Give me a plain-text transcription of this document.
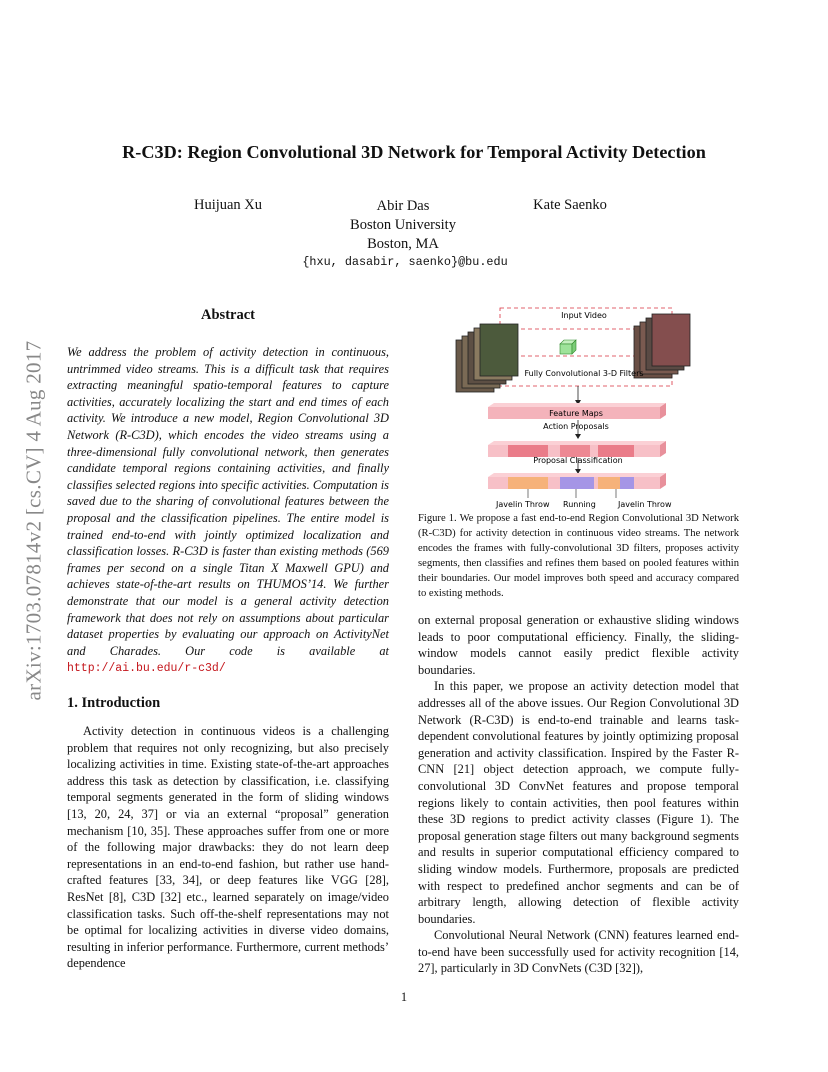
arXiv:1703.07814v2 [cs.CV] 4 Aug 2017
R-C3D: Region Convolutional 3D Network for Temporal Activity Detection
Huijuan Xu	Abir Das
Boston University
Boston, MA
Kate Saenko
{hxu, dasabir, saenko}@bu.edu
Abstract
We address the problem of activity detection in continuous, untrimmed video streams. This is a difficult task that requires extracting meaningful spatio-temporal features to capture activities, accurately localizing the start and end times of each activity. We introduce a new model, Region Convolutional 3D Network (R-C3D), which encodes the video streams using a three-dimensional fully convolutional network, then generates candidate temporal regions containing activities, and finally classifies selected regions into specific activities. Computation is saved due to the sharing of convolutional features between the proposal and the classification pipelines. The entire model is trained end-to-end with jointly optimized localization and classification losses. R-C3D is faster than existing methods (569 frames per second on a single Titan X Maxwell GPU) and achieves state-of-the-art results on THUMOS’14. We further demonstrate that our model is a general activity detection framework that does not rely on assumptions about particular dataset properties by evaluating our approach on ActivityNet and Charades. Our code is available at http://ai.bu.edu/r-c3d/
1. Introduction

Activity detection in continuous videos is a challenging problem that requires not only recognizing, but also precisely localizing activities in time. Existing state-of-the-art approaches address this task as detection by classification, i.e. classifying temporal segments generated in the form of sliding windows [13, 20, 24, 37] or via an external “proposal” generation mechanism [10, 35]. These approaches suffer from one or more of the following major drawbacks: they do not learn deep representations in an end-to-end fashion, but rather use hand-crafted features [33, 34], or deep features like VGG [28], ResNet [8], C3D [32] etc., learned separately on image/video classification tasks. Such off-the-shelf representations may not be optimal for localizing activities in diverse video domains, resulting in inferior performance. Furthermore, current methods’ dependence

Input Video
Fully Convolutional 3-D Filters
Feature Maps
Action Proposals
Proposal Classification
Javelin Throw Running	Javelin Throw
Figure 1. We propose a fast end-to-end Region Convolutional 3D Network (R-C3D) for activity detection in continuous video streams. The network encodes the frames with fully-convolutional 3D filters, proposes activity segments, then classifies and refines them based on pooled features within their boundaries. Our model improves both speed and accuracy compared to existing methods.

on external proposal generation or exhaustive sliding windows leads to poor computational efficiency. Finally, the sliding-window models cannot easily predict flexible activity boundaries.

In this paper, we propose an activity detection model that addresses all of the above issues. Our Region Convolutional 3D Network (R-C3D) is end-to-end trainable and learns task-dependent convolutional features by jointly optimizing proposal generation and activity classification. Inspired by the Faster R-CNN [21] object detection approach, we compute fully-convolutional 3D ConvNet features and propose temporal regions likely to contain activities, then pool features within these 3D regions to predict activity classes (Figure 1). The proposal generation stage filters out many background segments and results in superior computational efficiency compared to sliding window models. Furthermore, proposals are predicted with respect to predefined anchor segments and can be of arbitrary length, allowing detection of flexible activity boundaries.

Convolutional Neural Network (CNN) features learned end-to-end have been successfully used for activity recognition [14, 27], particularly in 3D ConvNets (C3D [32]),

1
